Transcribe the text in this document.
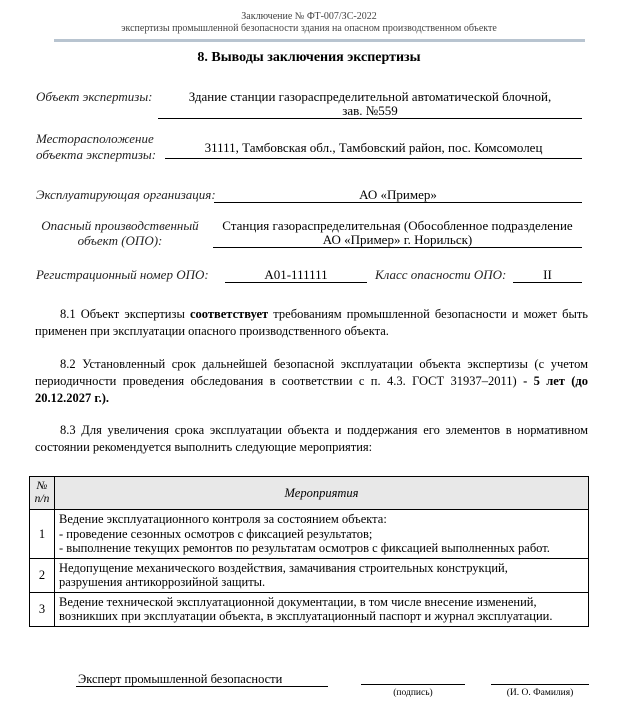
Заключение № ФТ-007/ЗС-2022
экспертизы промышленной безопасности здания на опасном производственном объекте
8. Выводы заключения экспертизы
Объект экспертизы:	Здание станции газораспределительной автоматической блочной,
зав. №559
Месторасположение
объекта экспертизы:	31111, Тамбовская обл., Тамбовский район, пос. Комсомолец
Эксплуатирующая организация:	АО «Пример»
Опасный производственный
объект (ОПО):
Станция газораспределительная (Обособленное подразделение
АО «Пример» г. Норильск)
Регистрационный номер ОПО:	А01-111111	Класс опасности ОПО:	II
8.1 Объект экспертизы соответствует требованиям промышленной безопасности и может быть применен при эксплуатации опасного производственного объекта.
8.2 Установленный срок дальнейшей безопасной эксплуатации объекта экспертизы (с учетом периодичности проведения обследования в соответствии с п. 4.3. ГОСТ 31937–2011) - 5 лет (до 20.12.2027 г.).
8.3 Для увеличения срока эксплуатации объекта и поддержания его элементов в нормативном состоянии рекомендуется выполнить следующие мероприятия:
№ п/п	Мероприятия
1	Ведение эксплуатационного контроля за состоянием объекта:
- проведение сезонных осмотров с фиксацией результатов;
- выполнение текущих ремонтов по результатам осмотров с фиксацией выполненных работ.

2	Недопущение механического воздействия, замачивания строительных конструкций,
разрушения антикоррозийной защиты.

3	Ведение технической эксплуатационной документации, в том числе внесение изменений,
возникших при эксплуатации объекта, в эксплуатационный паспорт и журнал эксплуатации.
Эксперт промышленной безопасности
(подпись)	(И. О. Фамилия)
